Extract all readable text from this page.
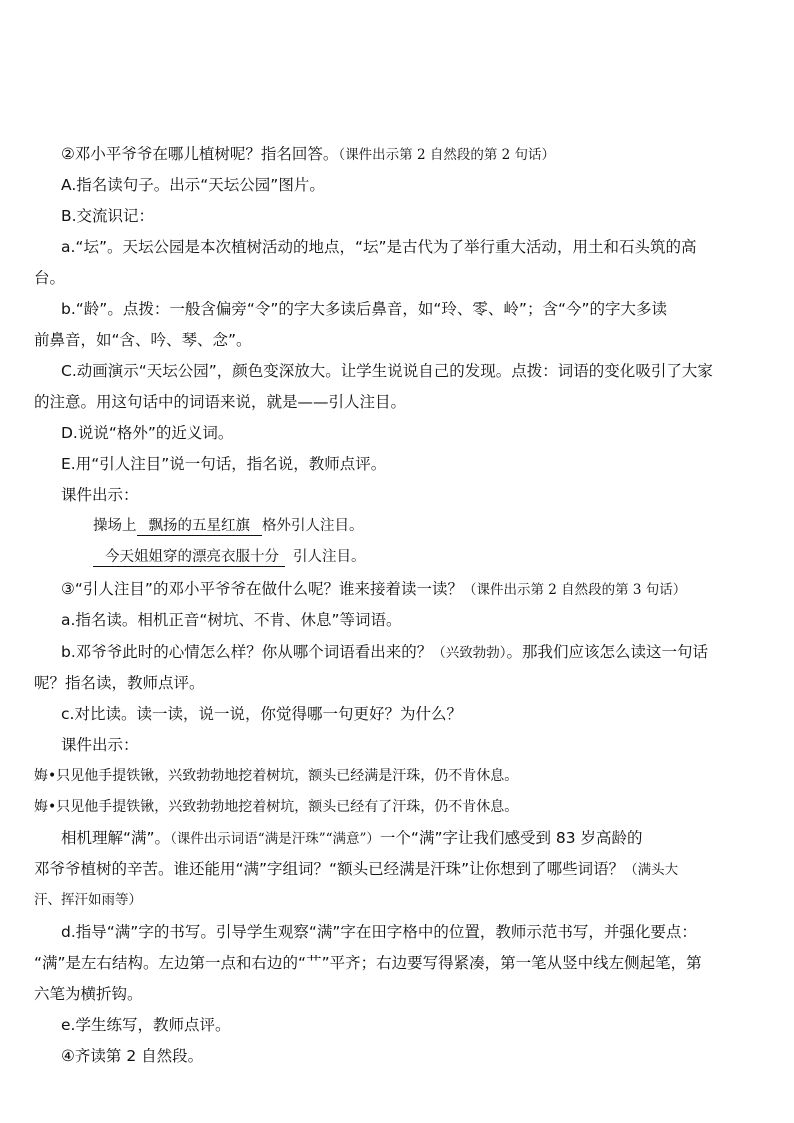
②邓小平爷爷在哪儿植树呢？指名回答。（课件出示第 2 自然段的第 2 句话）
A.指名读句子。出示“天坛公园”图片。
B.交流识记：
a.“坛”。天坛公园是本次植树活动的地点，“坛”是古代为了举行重大活动，用土和石头筑的高
台。
b.“龄”。点拨：一般含偏旁“令”的字大多读后鼻音，如“玲、零、岭”；含“今”的字大多读
前鼻音，如“含、吟、琴、念”。
C.动画演示“天坛公园”，颜色变深放大。让学生说说自己的发现。点拨：词语的变化吸引了大家
的注意。用这句话中的词语来说，就是——引人注目。
D.说说“格外”的近义词。
E.用“引人注目”说一句话，指名说，教师点评。
课件出示：
操场上 飘扬的五星红旗 格外引人注目。
今天姐姐穿的漂亮衣服十分 引人注目。
③“引人注目”的邓小平爷爷在做什么呢？谁来接着读一读？（课件出示第 2 自然段的第 3 句话）
a.指名读。相机正音“树坑、不肯、休息”等词语。
b.邓爷爷此时的心情怎么样？你从哪个词语看出来的？（兴致勃勃）。那我们应该怎么读这一句话
呢？指名读，教师点评。
c.对比读。读一读，说一说，你觉得哪一句更好？为什么？
课件出示：
娒•只见他手提铁锹，兴致勃勃地挖着树坑，额头已经满是汗珠，仍不肯休息。
娒•只见他手提铁锹，兴致勃勃地挖着树坑，额头已经有了汗珠，仍不肯休息。
相机理解“满”。（课件出示词语“满是汗珠”“满意”）一个“满”字让我们感受到 83 岁高龄的
邓爷爷植树的辛苦。谁还能用“满”字组词？“额头已经满是汗珠”让你想到了哪些词语？（满头大
汗、挥汗如雨等）
d.指导“满”字的书写。引导学生观察“满”字在田字格中的位置，教师示范书写，并强化要点：
“满”是左右结构。左边第一点和右边的“艹”平齐；右边要写得紧凑，第一笔从竖中线左侧起笔，第
六笔为横折钩。
e.学生练写，教师点评。
④齐读第 2 自然段。
